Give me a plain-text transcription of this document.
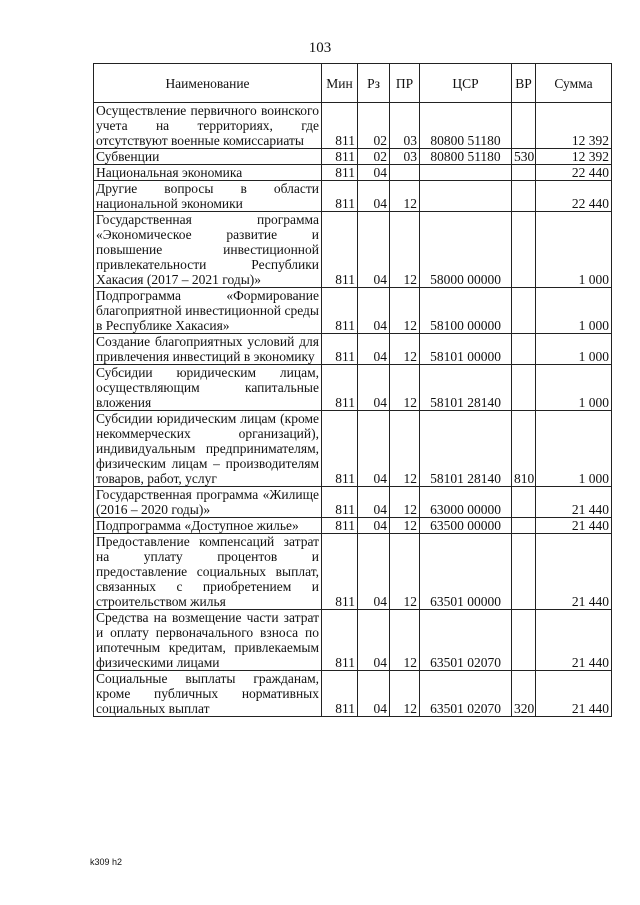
103
Наименование	Мин	Рз	ПР	ЦСР	ВР	Сумма
Осуществление первичного воинского учета на территориях, где отсутствуют военные комиссариаты	811	02	03	80800 51180		12 392
Субвенции	811	02	03	80800 51180	530	12 392
Национальная экономика	811	04				22 440
Другие вопросы в области национальной экономики	811	04	12			22 440
Государственная программа «Экономическое развитие и повышение инвестиционной привлекательности Республики Хакасия (2017 – 2021 годы)»	811	04	12	58000 00000		1 000
Подпрограмма «Формирование благоприятной инвестиционной среды в Республике Хакасия»	811	04	12	58100 00000		1 000
Создание благоприятных условий для привлечения инвестиций в экономику	811	04	12	58101 00000		1 000
Субсидии юридическим лицам, осуществляющим капитальные вложения	811	04	12	58101 28140		1 000
Субсидии юридическим лицам (кроме некоммерческих организаций), индивидуальным предпринимателям, физическим лицам – производителям товаров, работ, услуг	811	04	12	58101 28140	810	1 000
Государственная программа «Жилище (2016 – 2020 годы)»	811	04	12	63000 00000		21 440
Подпрограмма «Доступное жилье»	811	04	12	63500 00000		21 440
Предоставление компенсаций затрат на уплату процентов и предоставление социальных выплат, связанных с приобретением и строительством жилья	811	04	12	63501 00000		21 440
Средства на возмещение части затрат и оплату первоначального взноса по ипотечным кредитам, привлекаемым физическими лицами	811	04	12	63501 02070		21 440
Социальные выплаты гражданам, кроме публичных нормативных социальных выплат	811	04	12	63501 02070	320	21 440
k309 h2
